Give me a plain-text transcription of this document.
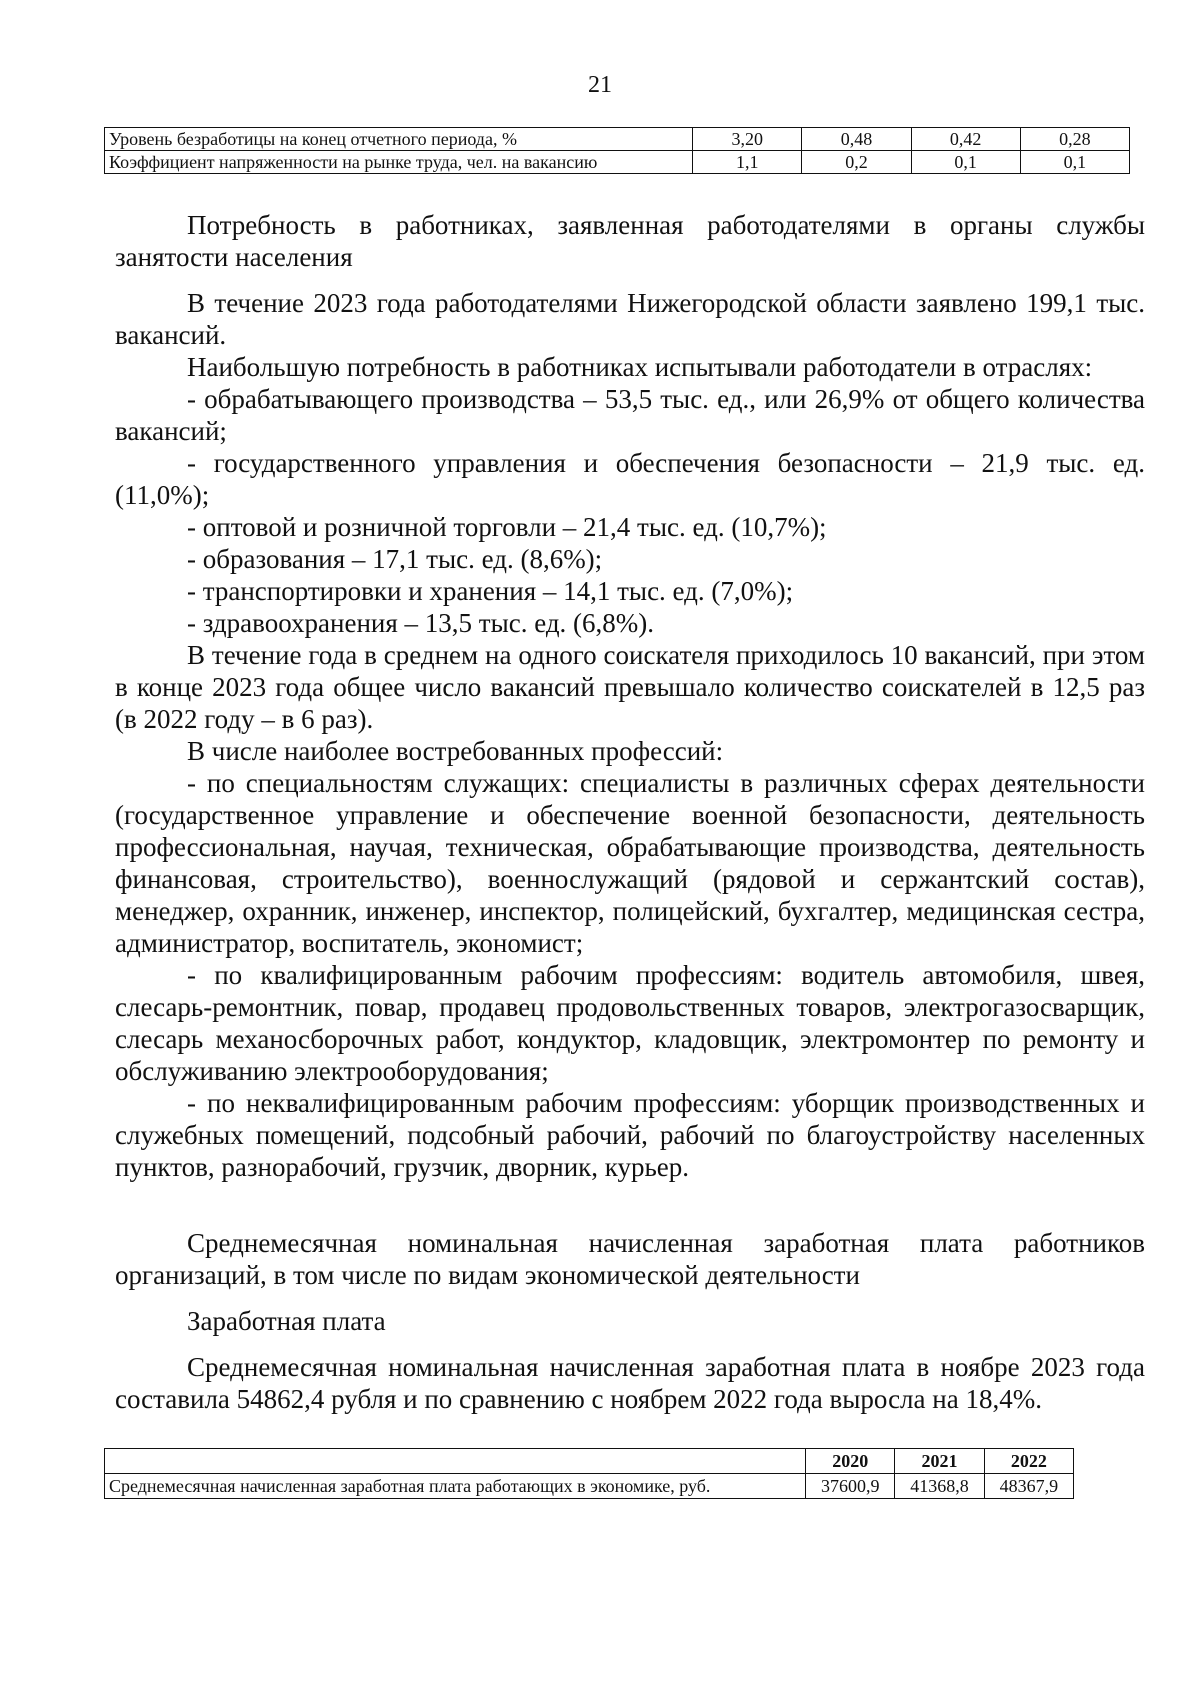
21
Уровень безработицы на конец отчетного периода, %	3,20	0,48	0,42	0,28
Коэффициент напряженности на рынке труда, чел. на вакансию	1,1	0,2	0,1	0,1

Потребность в работниках, заявленная работодателями в органы службы занятости населения

В течение 2023 года работодателями Нижегородской области заявлено 199,1 тыс. вакансий.

Наибольшую потребность в работниках испытывали работодатели в отраслях:

- обрабатывающего производства – 53,5 тыс. ед., или 26,9% от общего количества вакансий;

- государственного управления и обеспечения безопасности – 21,9 тыс. ед. (11,0%);

- оптовой и розничной торговли – 21,4 тыс. ед. (10,7%);

- образования – 17,1 тыс. ед. (8,6%);

- транспортировки и хранения – 14,1 тыс. ед. (7,0%);

- здравоохранения – 13,5 тыс. ед. (6,8%).

В течение года в среднем на одного соискателя приходилось 10 вакансий, при этом в конце 2023 года общее число вакансий превышало количество соискателей в 12,5 раз (в 2022 году – в 6 раз).

В числе наиболее востребованных профессий:

- по специальностям служащих: специалисты в различных сферах деятельности (государственное управление и обеспечение военной безопасности, деятельность профессиональная, научая, техническая, обрабатывающие производства, деятельность финансовая, строительство), военнослужащий (рядовой и сержантский состав), менеджер, охранник, инженер, инспектор, полицейский, бухгалтер, медицинская сестра, администратор, воспитатель, экономист;

- по квалифицированным рабочим профессиям: водитель автомобиля, швея, слесарь-ремонтник, повар, продавец продовольственных товаров, электрогазосварщик, слесарь механосборочных работ, кондуктор, кладовщик, электромонтер по ремонту и обслуживанию электрооборудования;

- по неквалифицированным рабочим профессиям: уборщик производственных и служебных помещений, подсобный рабочий, рабочий по благоустройству населенных пунктов, разнорабочий, грузчик, дворник, курьер.

Среднемесячная номинальная начисленная заработная плата работников организаций, в том числе по видам экономической деятельности

Заработная плата

Среднемесячная номинальная начисленная заработная плата в ноябре 2023 года составила 54862,4 рубля и по сравнению с ноябрем 2022 года выросла на 18,4%.

	2020	2021	2022
Среднемесячная начисленная заработная плата работающих в экономике, руб.	37600,9	41368,8	48367,9
